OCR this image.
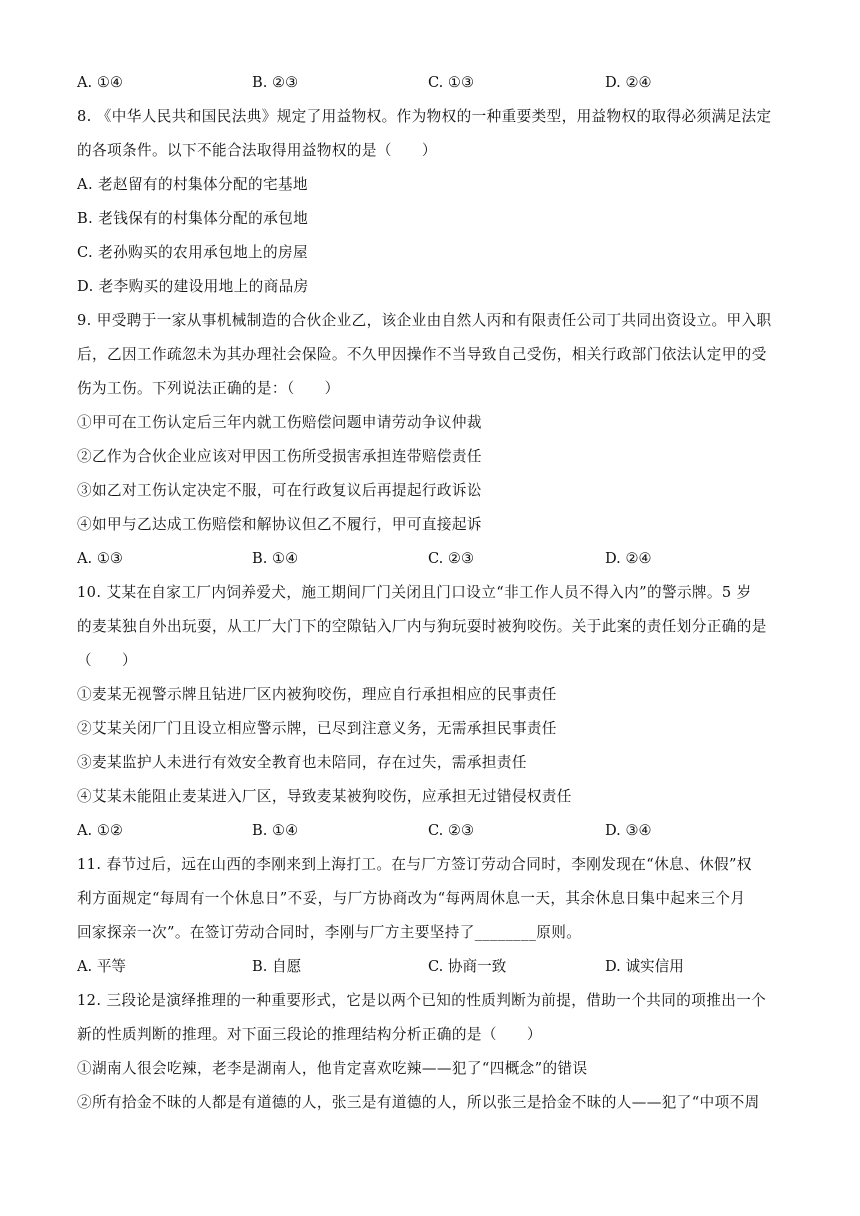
A. ①④	B. ②③	C. ①③	D. ②④
8. 《中华人民共和国民法典》规定了用益物权。作为物权的一种重要类型，用益物权的取得必须满足法定
的各项条件。以下不能合法取得用益物权的是（　　）
A. 老赵留有的村集体分配的宅基地
B. 老钱保有的村集体分配的承包地
C. 老孙购买的农用承包地上的房屋
D. 老李购买的建设用地上的商品房
9. 甲受聘于一家从事机械制造的合伙企业乙，该企业由自然人丙和有限责任公司丁共同出资设立。甲入职
后，乙因工作疏忽未为其办理社会保险。不久甲因操作不当导致自己受伤，相关行政部门依法认定甲的受
伤为工伤。下列说法正确的是：（　　）
①甲可在工伤认定后三年内就工伤赔偿问题申请劳动争议仲裁
②乙作为合伙企业应该对甲因工伤所受损害承担连带赔偿责任
③如乙对工伤认定决定不服，可在行政复议后再提起行政诉讼
④如甲与乙达成工伤赔偿和解协议但乙不履行，甲可直接起诉
A. ①③	B. ①④	C. ②③	D. ②④
10. 艾某在自家工厂内饲养爱犬，施工期间厂门关闭且门口设立“非工作人员不得入内”的警示牌。5 岁
的麦某独自外出玩耍，从工厂大门下的空隙钻入厂内与狗玩耍时被狗咬伤。关于此案的责任划分正确的是
（　　）
①麦某无视警示牌且钻进厂区内被狗咬伤，理应自行承担相应的民事责任
②艾某关闭厂门且设立相应警示牌，已尽到注意义务，无需承担民事责任
③麦某监护人未进行有效安全教育也未陪同，存在过失，需承担责任
④艾某未能阻止麦某进入厂区，导致麦某被狗咬伤，应承担无过错侵权责任
A. ①②	B. ①④	C. ②③	D. ③④
11. 春节过后，远在山西的李刚来到上海打工。在与厂方签订劳动合同时，李刚发现在“休息、休假”权
利方面规定“每周有一个休息日”不妥，与厂方协商改为“每两周休息一天，其余休息日集中起来三个月
回家探亲一次”。在签订劳动合同时，李刚与厂方主要坚持了________原则。
A. 平等	B. 自愿	C. 协商一致	D. 诚实信用
12. 三段论是演绎推理的一种重要形式，它是以两个已知的性质判断为前提，借助一个共同的项推出一个
新的性质判断的推理。对下面三段论的推理结构分析正确的是（　　）
①湖南人很会吃辣，老李是湖南人，他肯定喜欢吃辣——犯了“四概念”的错误
②所有拾金不昧的人都是有道德的人，张三是有道德的人，所以张三是拾金不昧的人——犯了“中项不周
